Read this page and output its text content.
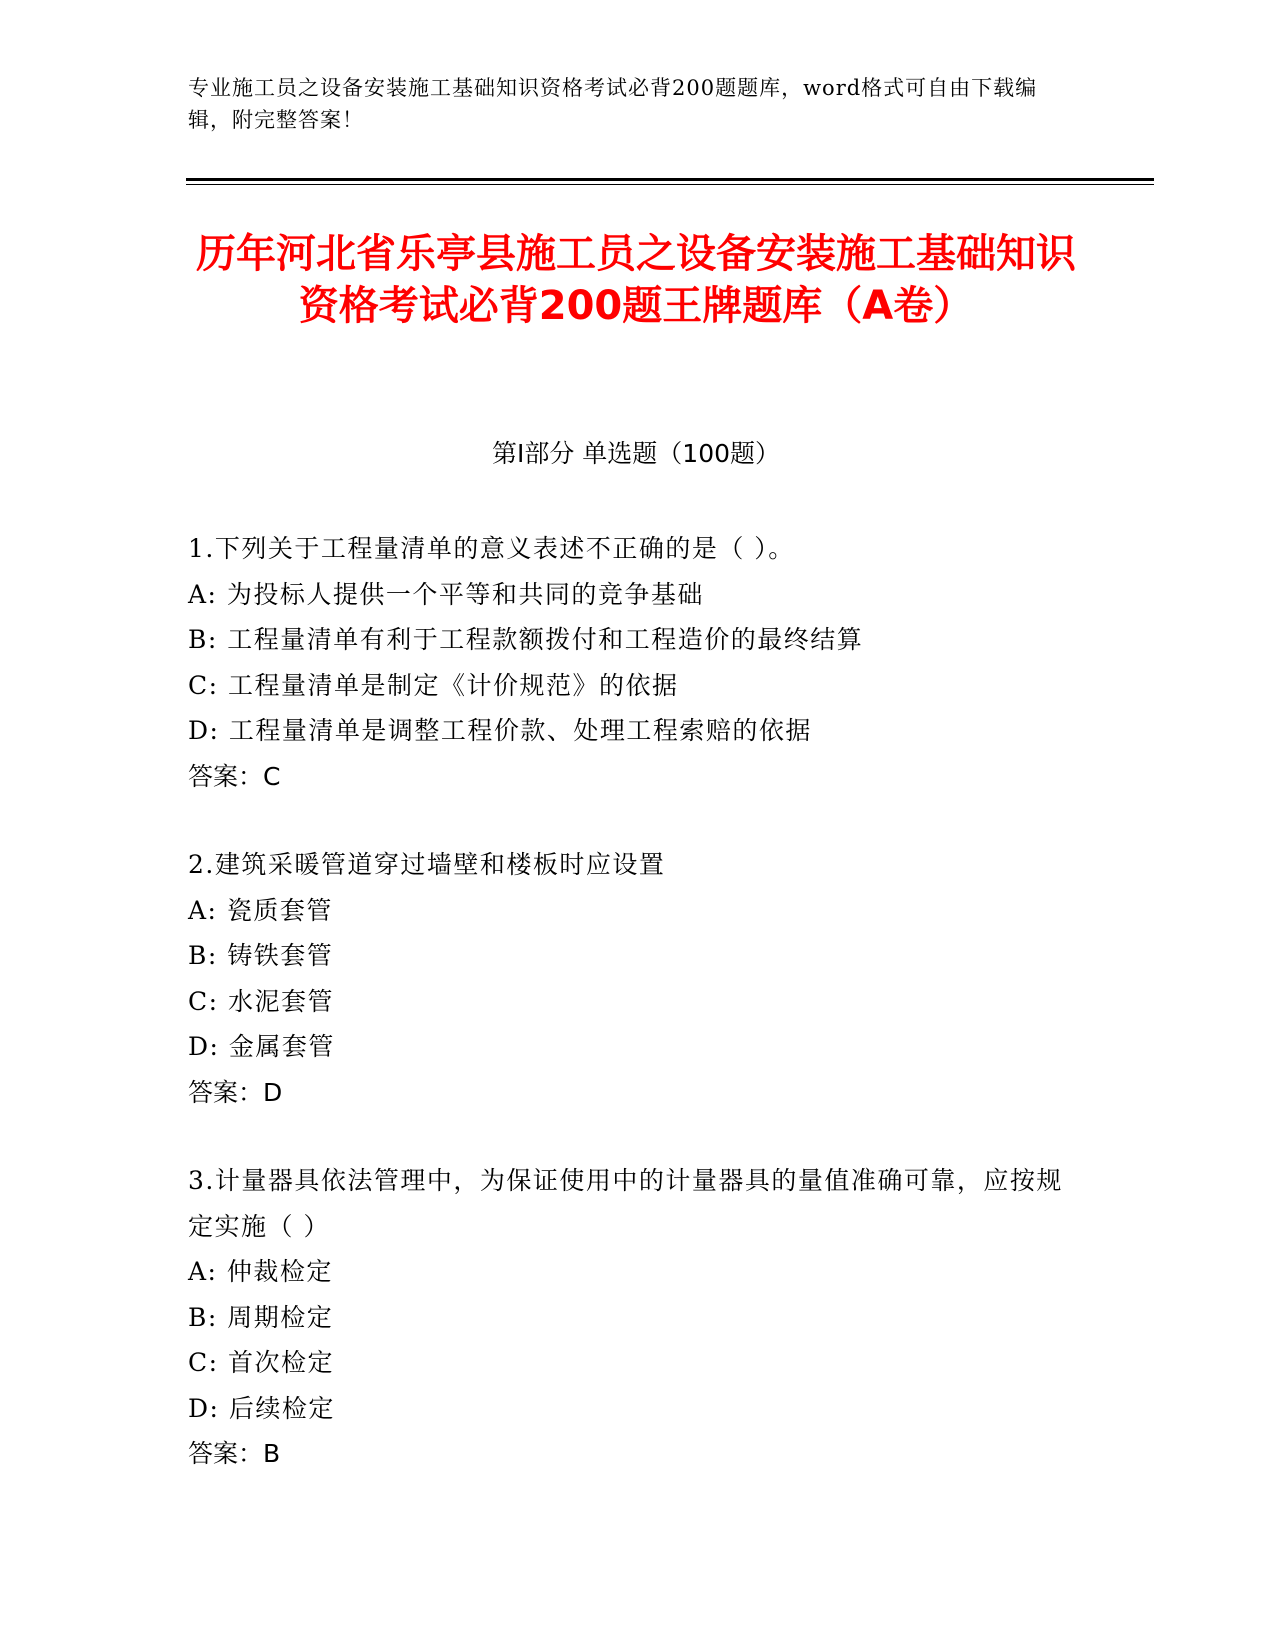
专业施工员之设备安装施工基础知识资格考试必背200题题库，word格式可自由下载编辑，附完整答案！
历年河北省乐亭县施工员之设备安装施工基础知识资格考试必背200题王牌题库（A卷）
第Ⅰ部分 单选题（100题）
1.下列关于工程量清单的意义表述不正确的是（ ）。
A: 为投标人提供一个平等和共同的竞争基础
B: 工程量清单有利于工程款额拨付和工程造价的最终结算
C: 工程量清单是制定《计价规范》的依据
D: 工程量清单是调整工程价款、处理工程索赔的依据
答案：C
2.建筑采暖管道穿过墙壁和楼板时应设置
A: 瓷质套管
B: 铸铁套管
C: 水泥套管
D: 金属套管
答案：D
3.计量器具依法管理中，为保证使用中的计量器具的量值准确可靠，应按规定实施（ ）
A: 仲裁检定
B: 周期检定
C: 首次检定
D: 后续检定
答案：B
